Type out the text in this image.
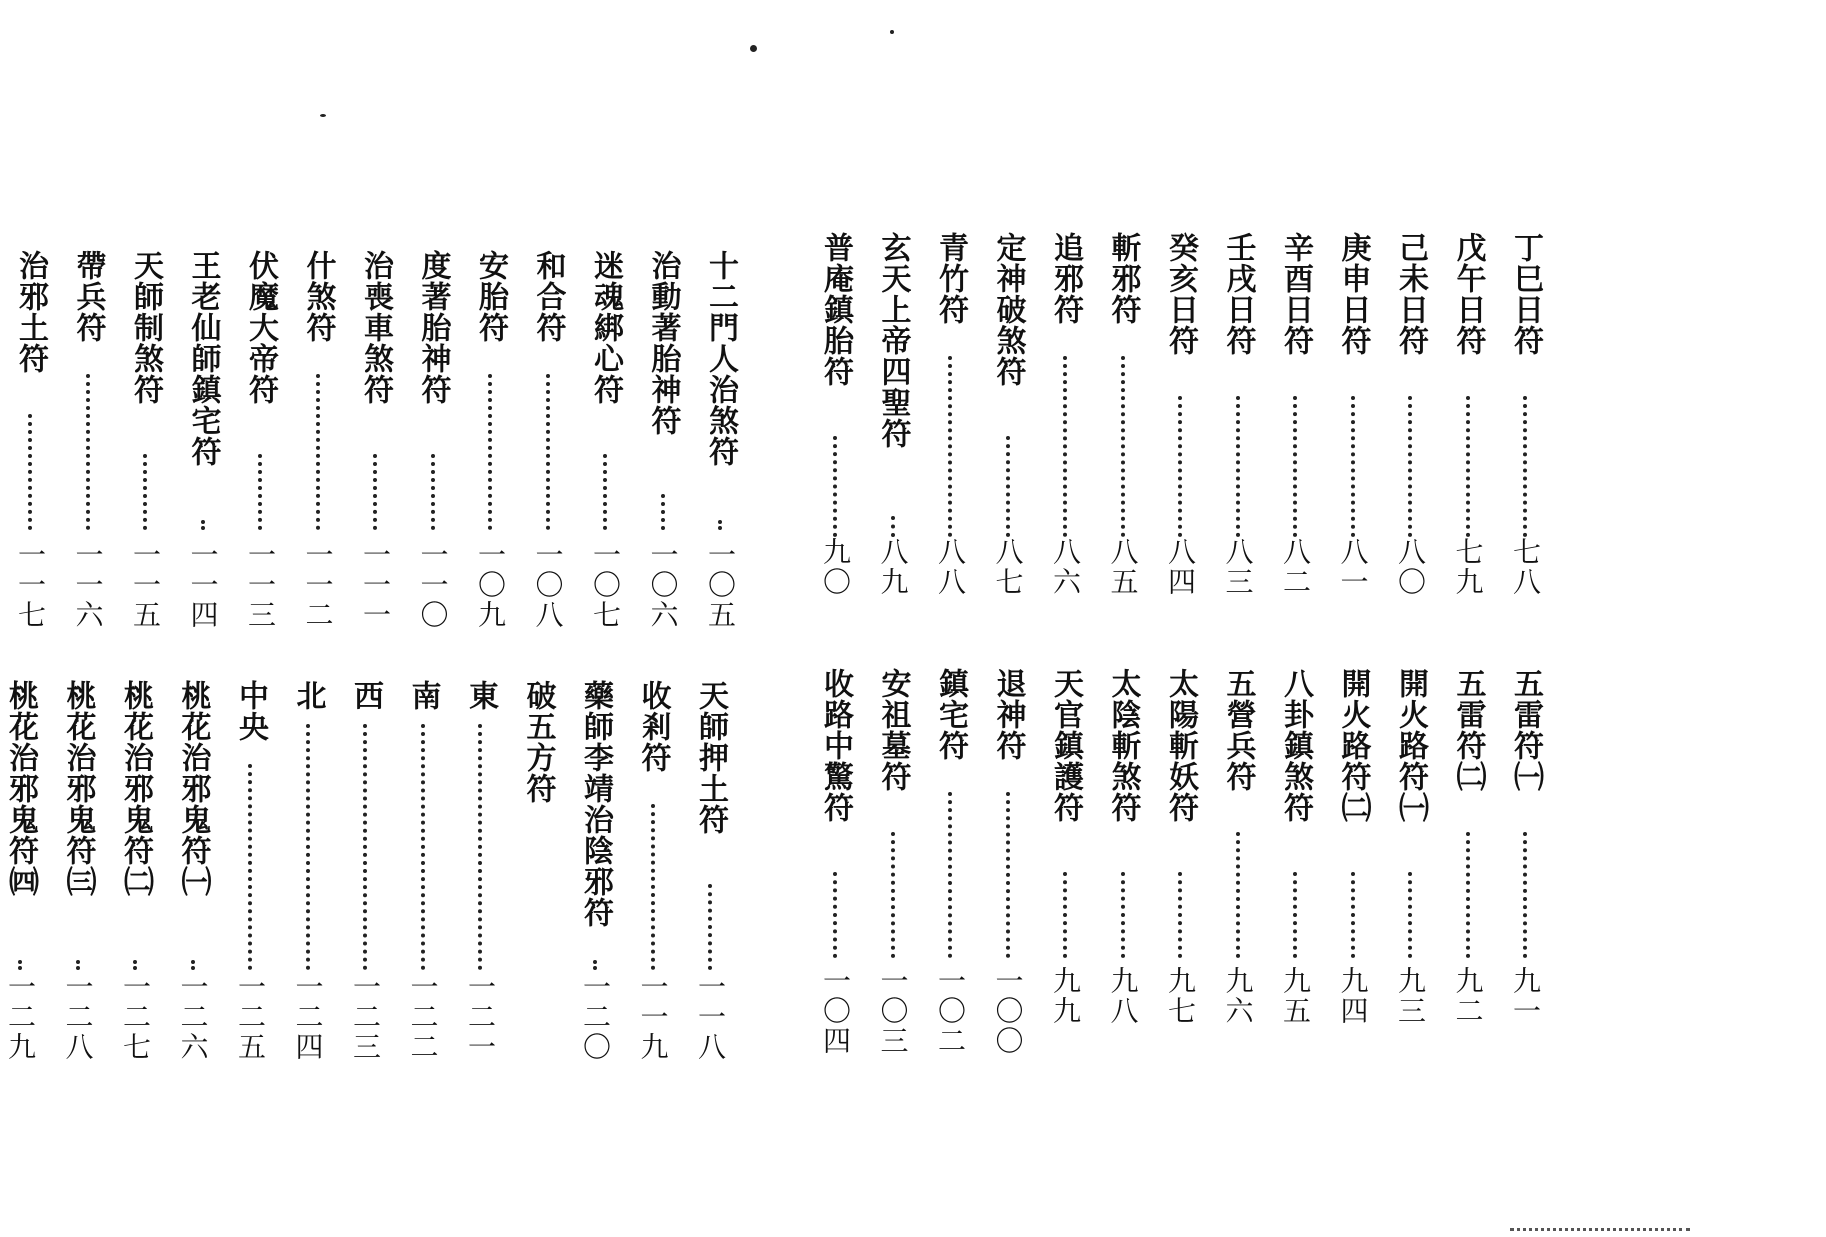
十二門人治煞符
一〇五
治動著胎神符
一〇六
迷魂綁心符
一〇七
和合符
一〇八
安胎符
一〇九
度著胎神符
一一〇
治喪車煞符
一一一
什煞符
一一二
伏魔大帝符
一一三
王老仙師鎮宅符
一一四
天師制煞符
一一五
帶兵符
一一六
治邪土符
一一七
天師押土符
一一八
收剎符
一一九
藥師李靖治陰邪符
一二〇
破五方符
東
一二一
南
一二二
西
一二三
北
一二四
中央
一二五
桃花治邪鬼符㈠
一二六
桃花治邪鬼符㈡
一二七
桃花治邪鬼符㈢
一二八
桃花治邪鬼符㈣
一二九
丁巳日符
七八
戊午日符
七九
己未日符
八〇
庚申日符
八一
辛酉日符
八二
壬戌日符
八三
癸亥日符
八四
斬邪符
八五
追邪符
八六
定神破煞符
八七
青竹符
八八
玄天上帝四聖符
八九
普庵鎮胎符
九〇
五雷符㈠
九一
五雷符㈡
九二
開火路符㈠
九三
開火路符㈡
九四
八卦鎮煞符
九五
五營兵符
九六
太陽斬妖符
九七
太陰斬煞符
九八
天官鎮護符
九九
退神符
一〇〇
鎮宅符
一〇二
安祖墓符
一〇三
收路中驚符
一〇四
